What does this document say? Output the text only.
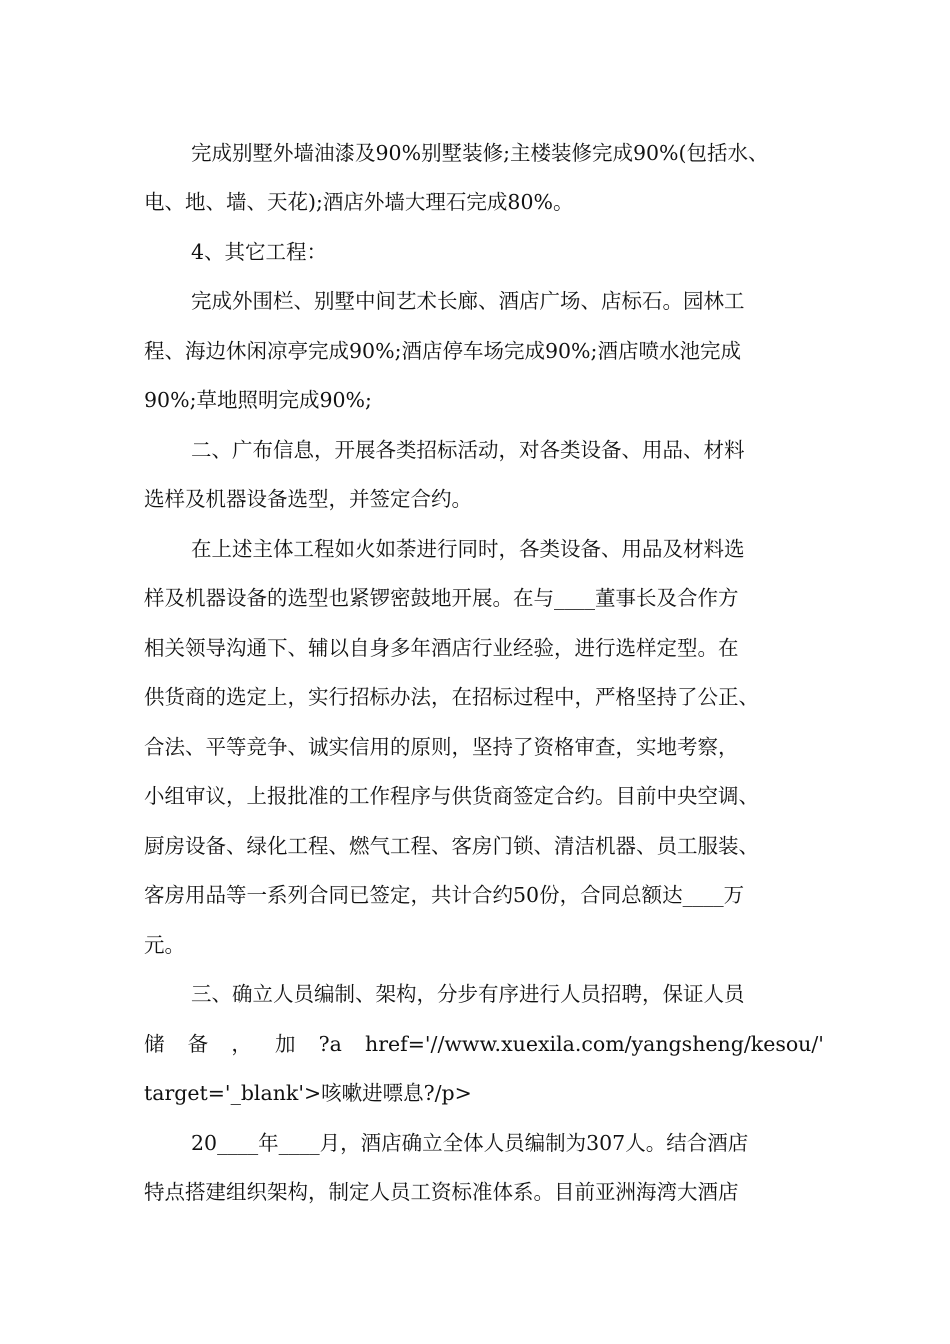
完成别墅外墙油漆及90%别墅装修;主楼装修完成90%(包括水、
电、地、墙、天花);酒店外墙大理石完成80%。
4、其它工程：
完成外围栏、别墅中间艺术长廊、酒店广场、店标石。园林工
程、海边休闲凉亭完成90%;酒店停车场完成90%;酒店喷水池完成
90%;草地照明完成90%;
二、广布信息，开展各类招标活动，对各类设备、用品、材料
选样及机器设备选型，并签定合约。
在上述主体工程如火如荼进行同时，各类设备、用品及材料选
样及机器设备的选型也紧锣密鼓地开展。在与____董事长及合作方
相关领导沟通下、辅以自身多年酒店行业经验，进行选样定型。在
供货商的选定上，实行招标办法，在招标过程中，严格坚持了公正、
合法、平等竞争、诚实信用的原则，坚持了资格审查，实地考察，
小组审议，上报批准的工作程序与供货商签定合约。目前中央空调、
厨房设备、绿化工程、燃气工程、客房门锁、清洁机器、员工服装、
客房用品等一系列合同已签定，共计合约50份，合同总额达____万
元。
三、确立人员编制、架构，分步有序进行人员招聘，保证人员
储 备 ， 加 ?a href='//www.xuexila.com/yangsheng/kesou/'
target='_blank'>咳嗽进嘌息?/p>
20____年____月，酒店确立全体人员编制为307人。结合酒店
特点搭建组织架构，制定人员工资标准体系。目前亚洲海湾大酒店
